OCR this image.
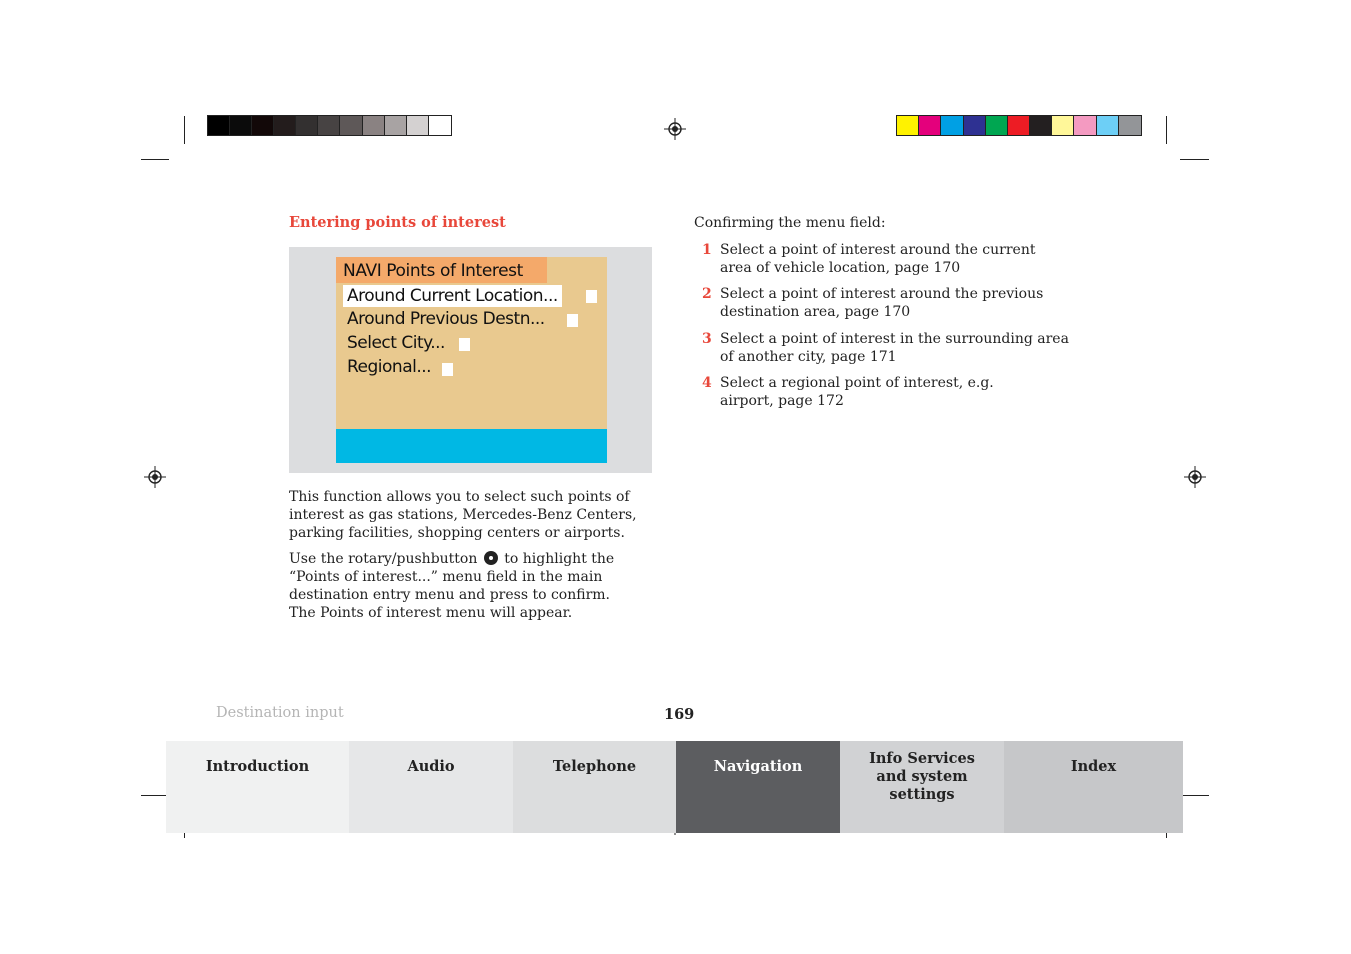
Entering points of interest
NAVI Points of Interest
Around Current Location...
Around Previous Destn...
Select City...
Regional...
This function allows you to select such points of interest as gas stations, Mercedes-Benz Centers, parking facilities, shopping centers or airports.
Use the rotary/pushbutton to highlight the “Points of interest...” menu field in the main destination entry menu and press to confirm.
The Points of interest menu will appear.
Confirming the menu field:
1 Select a point of interest around the current area of vehicle location, page 170
2 Select a point of interest around the previous destination area, page 170
3 Select a point of interest in the surrounding area of another city, page 171
4 Select a regional point of interest, e.g. airport, page 172
Destination input	169
Introduction	Audio	Telephone	Navigation	Info Services and system settings
Index
